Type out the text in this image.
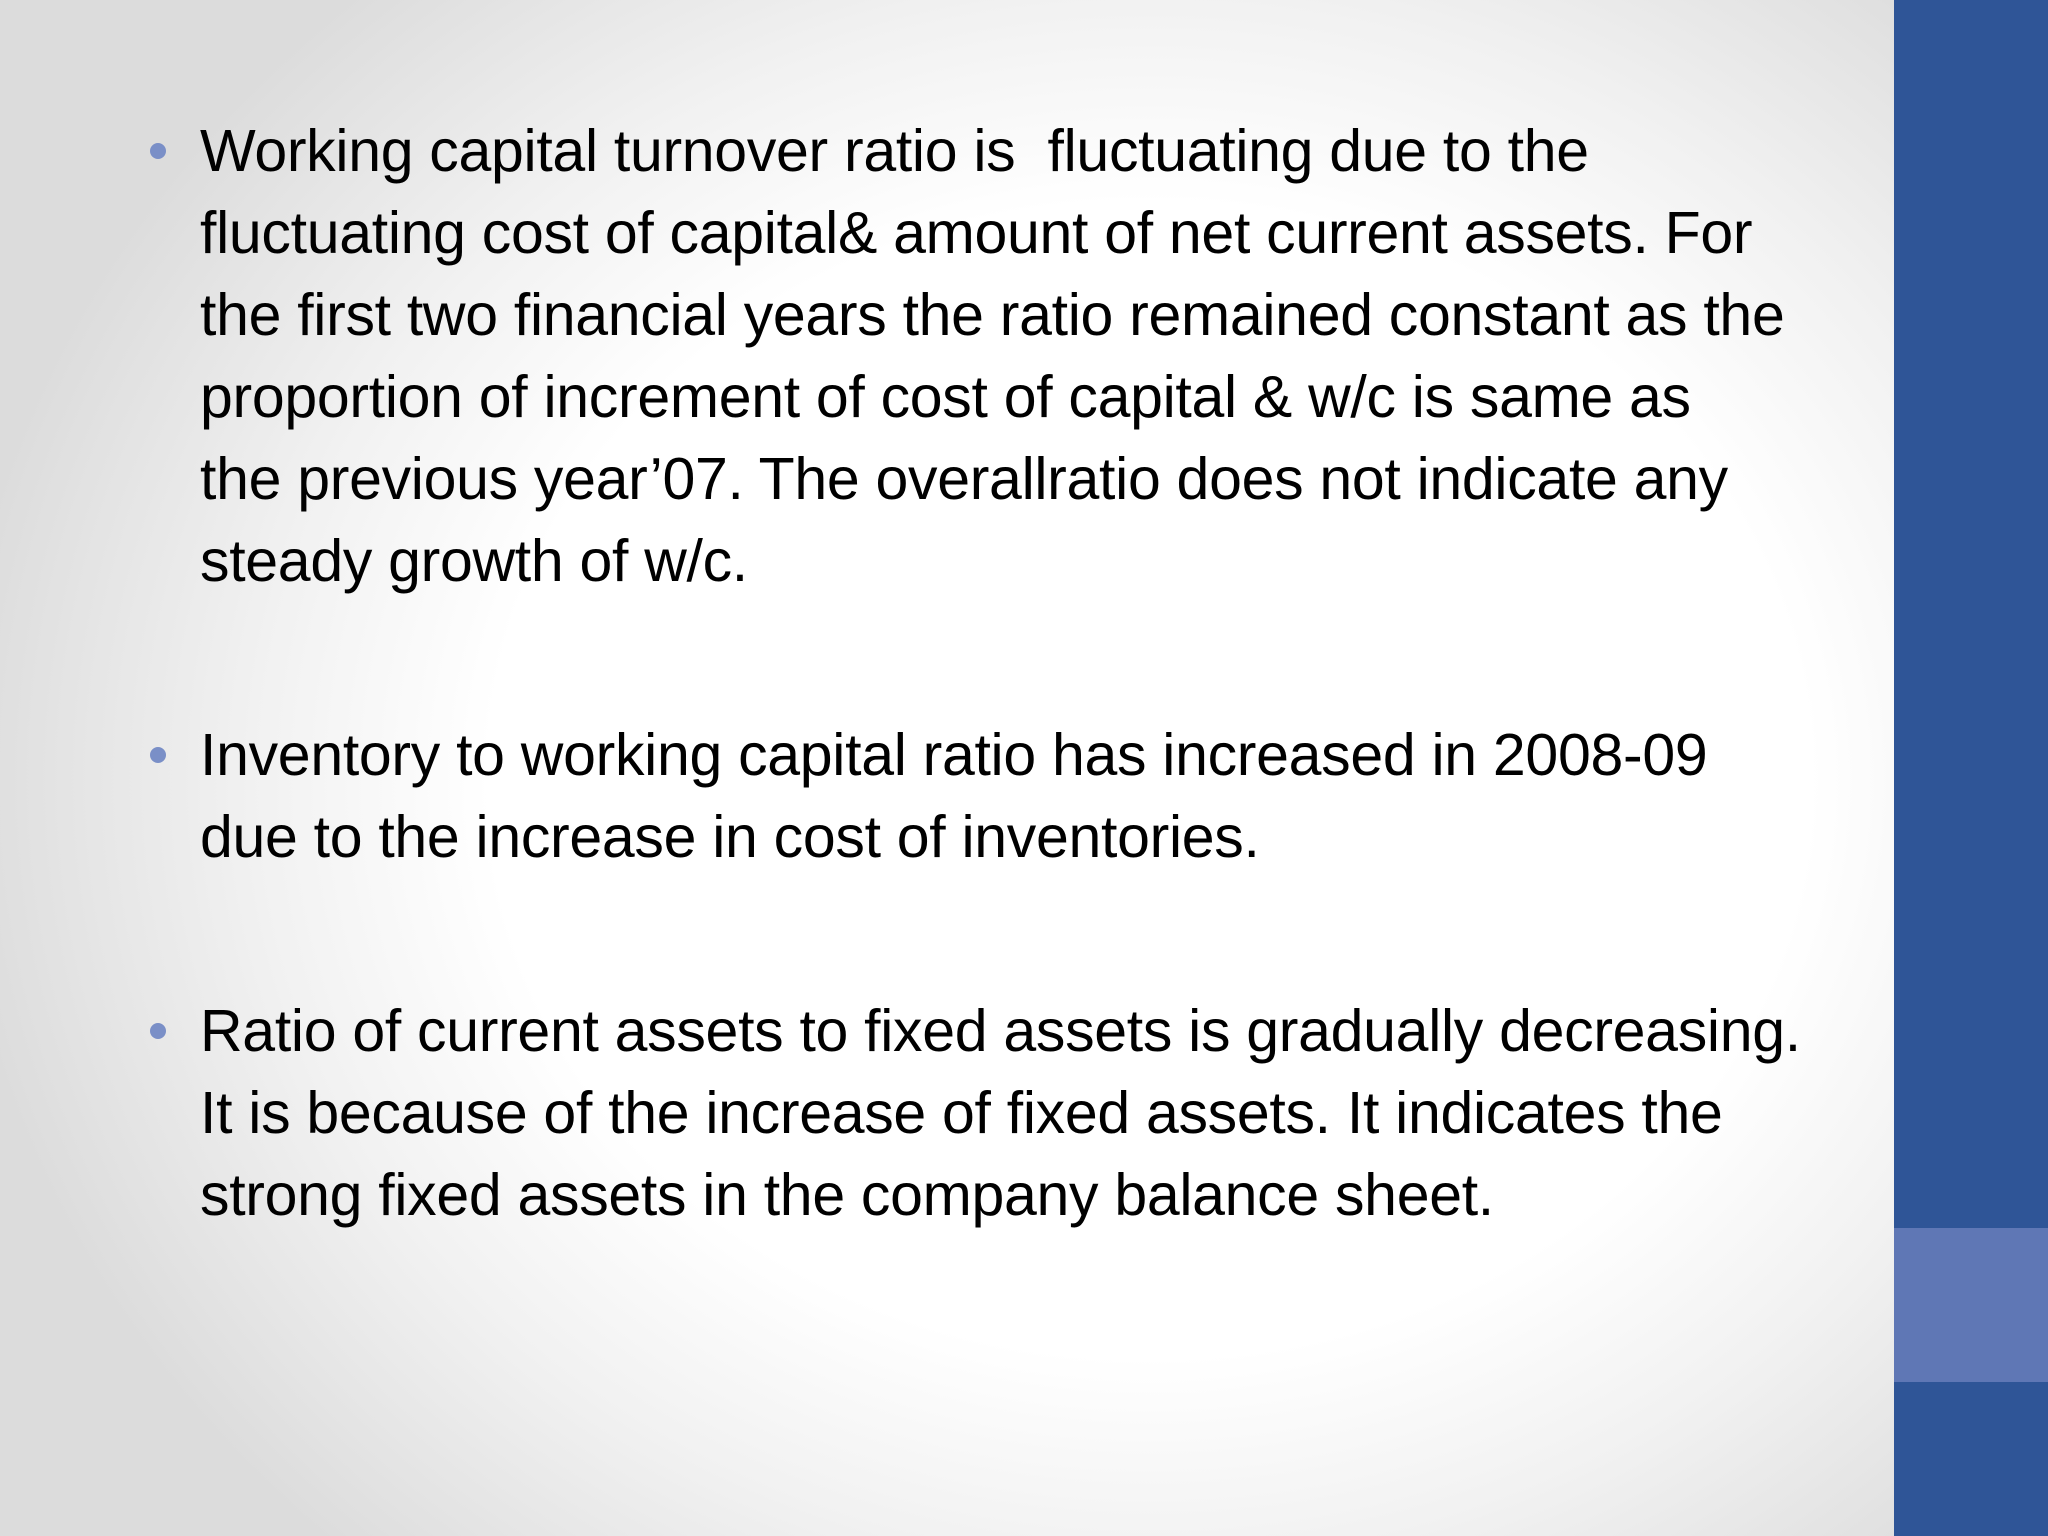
Working capital turnover ratio is  fluctuating due to the
fluctuating cost of capital& amount of net current assets. For
the first two financial years the ratio remained constant as the
proportion of increment of cost of capital & w/c is same as
the previous year’07. The overallratio does not indicate any
steady growth of w/c.
Inventory to working capital ratio has increased in 2008-09
due to the increase in cost of inventories.
Ratio of current assets to fixed assets is gradually decreasing.
It is because of the increase of fixed assets. It indicates the
strong fixed assets in the company balance sheet.
